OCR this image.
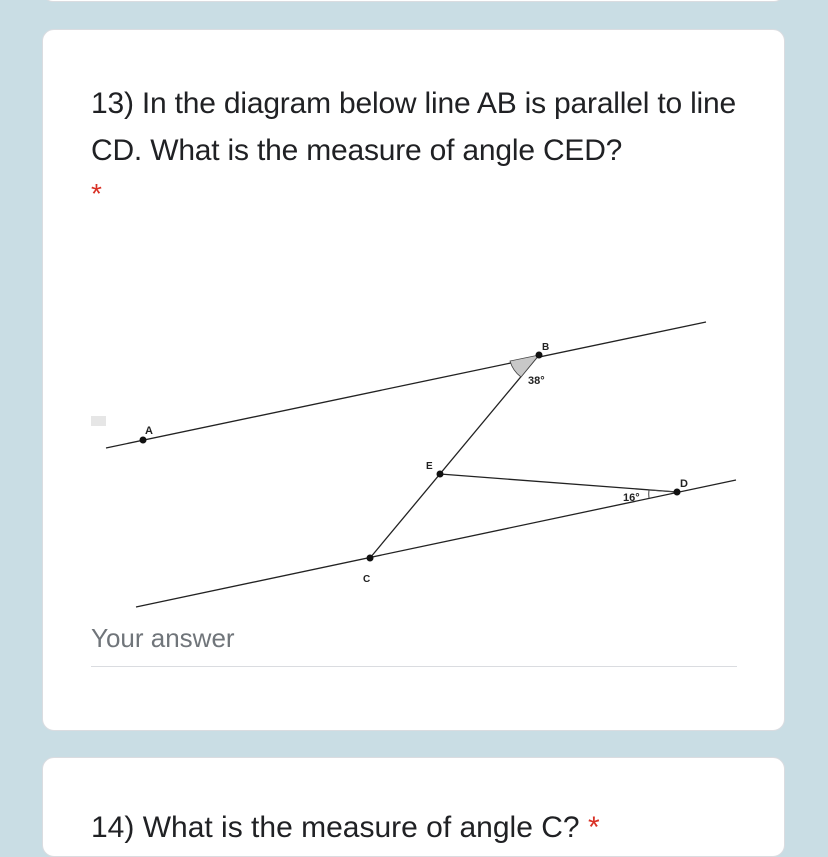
13) In the diagram below line AB is parallel to line CD. What is the measure of angle CED?
*
A
B
C
D
E
38°
16°
Your answer
14) What is the measure of angle C? *
